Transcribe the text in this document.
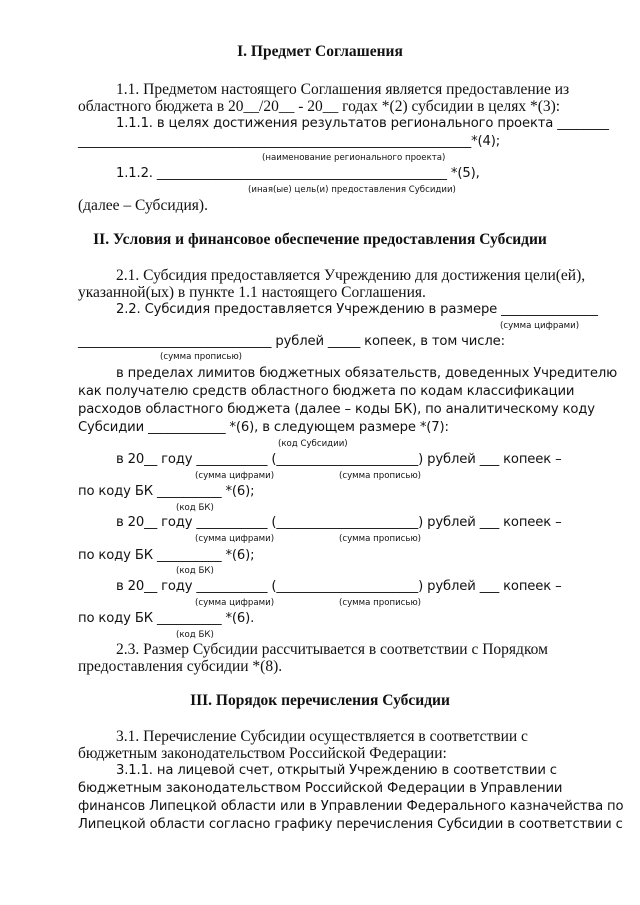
I. Предмет Соглашения
1.1. Предметом настоящего Соглашения является предоставление из
областного бюджета в 20__/20__ - 20__ годах *(2) субсидии в целях *(3):
1.1.1. в целях достижения результатов регионального проекта ________
_____________________________________________________________*(4);
(наименование регионального проекта)
1.1.2. _____________________________________________ *(5),
(иная(ые) цель(и) предоставления Субсидии)
(далее – Субсидия).
II. Условия и финансовое обеспечение предоставления Субсидии
2.1. Субсидия предоставляется Учреждению для достижения цели(ей),
указанной(ых) в пункте 1.1 настоящего Соглашения.
2.2. Субсидия предоставляется Учреждению в размере _______________
(сумма цифрами)
______________________________ рублей _____ копеек, в том числе:
(сумма прописью)
в пределах лимитов бюджетных обязательств, доведенных Учредителю
как получателю средств областного бюджета по кодам классификации
расходов областного бюджета (далее – коды БК), по аналитическому коду
Субсидии ____________ *(6), в следующем размере *(7):
(код Субсидии)
в 20__ году ___________ (______________________) рублей ___ копеек –
(сумма цифрами)	(сумма прописью)
по коду БК __________ *(6);
(код БК)
в 20__ году ___________ (______________________) рублей ___ копеек –
(сумма цифрами)	(сумма прописью)
по коду БК __________ *(6);
(код БК)
в 20__ году ___________ (______________________) рублей ___ копеек –
(сумма цифрами)	(сумма прописью)
по коду БК __________ *(6).
(код БК)
2.3. Размер Субсидии рассчитывается в соответствии с Порядком
предоставления субсидии *(8).
III. Порядок перечисления Субсидии
3.1. Перечисление Субсидии осуществляется в соответствии с
бюджетным законодательством Российской Федерации:
3.1.1. на лицевой счет, открытый Учреждению в соответствии с
бюджетным законодательством Российской Федерации в Управлении
финансов Липецкой области или в Управлении Федерального казначейства по
Липецкой области согласно графику перечисления Субсидии в соответствии с
